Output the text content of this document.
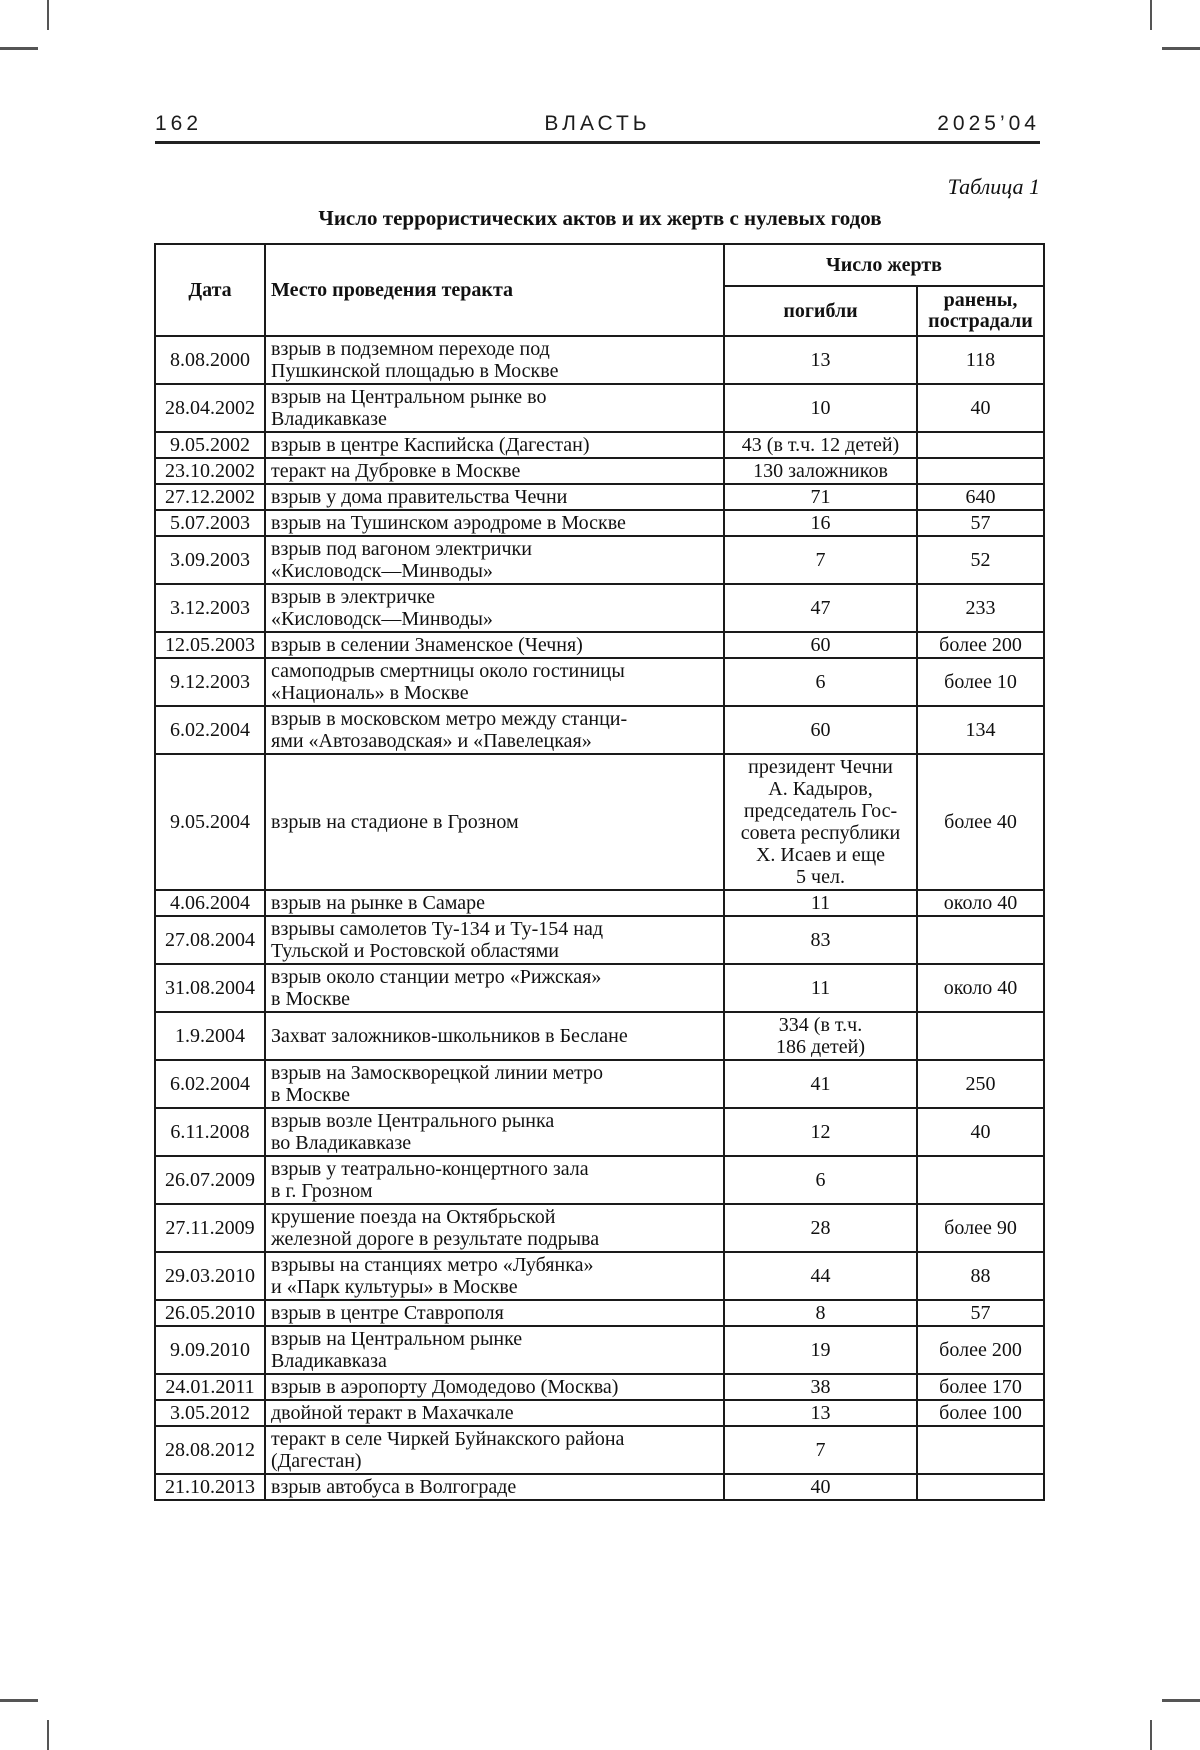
162	ВЛАСТЬ	2025’04
Таблица 1
Число террористических актов и их жертв с нулевых годов
Дата	Место проведения теракта	Число жертв	
		погибли	ранены,
пострадали
8.08.2000	взрыв в подземном переходе под
Пушкинской площадью в Москве	13	118
28.04.2002	взрыв на Центральном рынке во
Владикавказе	10	40
9.05.2002	взрыв в центре Каспийска (Дагестан)	43 (в т.ч. 12 детей)	
23.10.2002	теракт на Дубровке в Москве	130 заложников	
27.12.2002	взрыв у дома правительства Чечни	71	640
5.07.2003	взрыв на Тушинском аэродроме в Москве	16	57
3.09.2003	взрыв под вагоном электрички
«Кисловодск—Минводы»	7	52
3.12.2003	взрыв в электричке
«Кисловодск—Минводы»	47	233
12.05.2003	взрыв в селении Знаменское (Чечня)	60	более 200
9.12.2003	самоподрыв смертницы около гостиницы
«Националь» в Москве	6	более 10
6.02.2004	взрыв в московском метро между станци-
ями «Автозаводская» и «Павелецкая»	60	134
9.05.2004	взрыв на стадионе в Грозном	президент Чечни
А. Кадыров,
председатель Гос-
совета республики
Х. Исаев и еще
5 чел.	более 40
4.06.2004	взрыв на рынке в Самаре	11	около 40
27.08.2004	взрывы самолетов Ту-134 и Ту-154 над
Тульской и Ростовской областями	83	
31.08.2004	взрыв около станции метро «Рижская»
в Москве	11	около 40
1.9.2004	Захват заложников-школьников в Беслане	334 (в т.ч.
186 детей)	
6.02.2004	взрыв на Замоскворецкой линии метро
в Москве	41	250
6.11.2008	взрыв возле Центрального рынка
во Владикавказе	12	40
26.07.2009	взрыв у театрально-концертного зала
в г. Грозном	6	
27.11.2009	крушение поезда на Октябрьской
железной дороге в результате подрыва	28	более 90
29.03.2010	взрывы на станциях метро «Лубянка»
и «Парк культуры» в Москве	44	88
26.05.2010	взрыв в центре Ставрополя	8	57
9.09.2010	взрыв на Центральном рынке
Владикавказа	19	более 200
24.01.2011	взрыв в аэропорту Домодедово (Москва)	38	более 170
3.05.2012	двойной теракт в Махачкале	13	более 100
28.08.2012	теракт в селе Чиркей Буйнакского района
(Дагестан)	7	
21.10.2013	взрыв автобуса в Волгограде	40	
